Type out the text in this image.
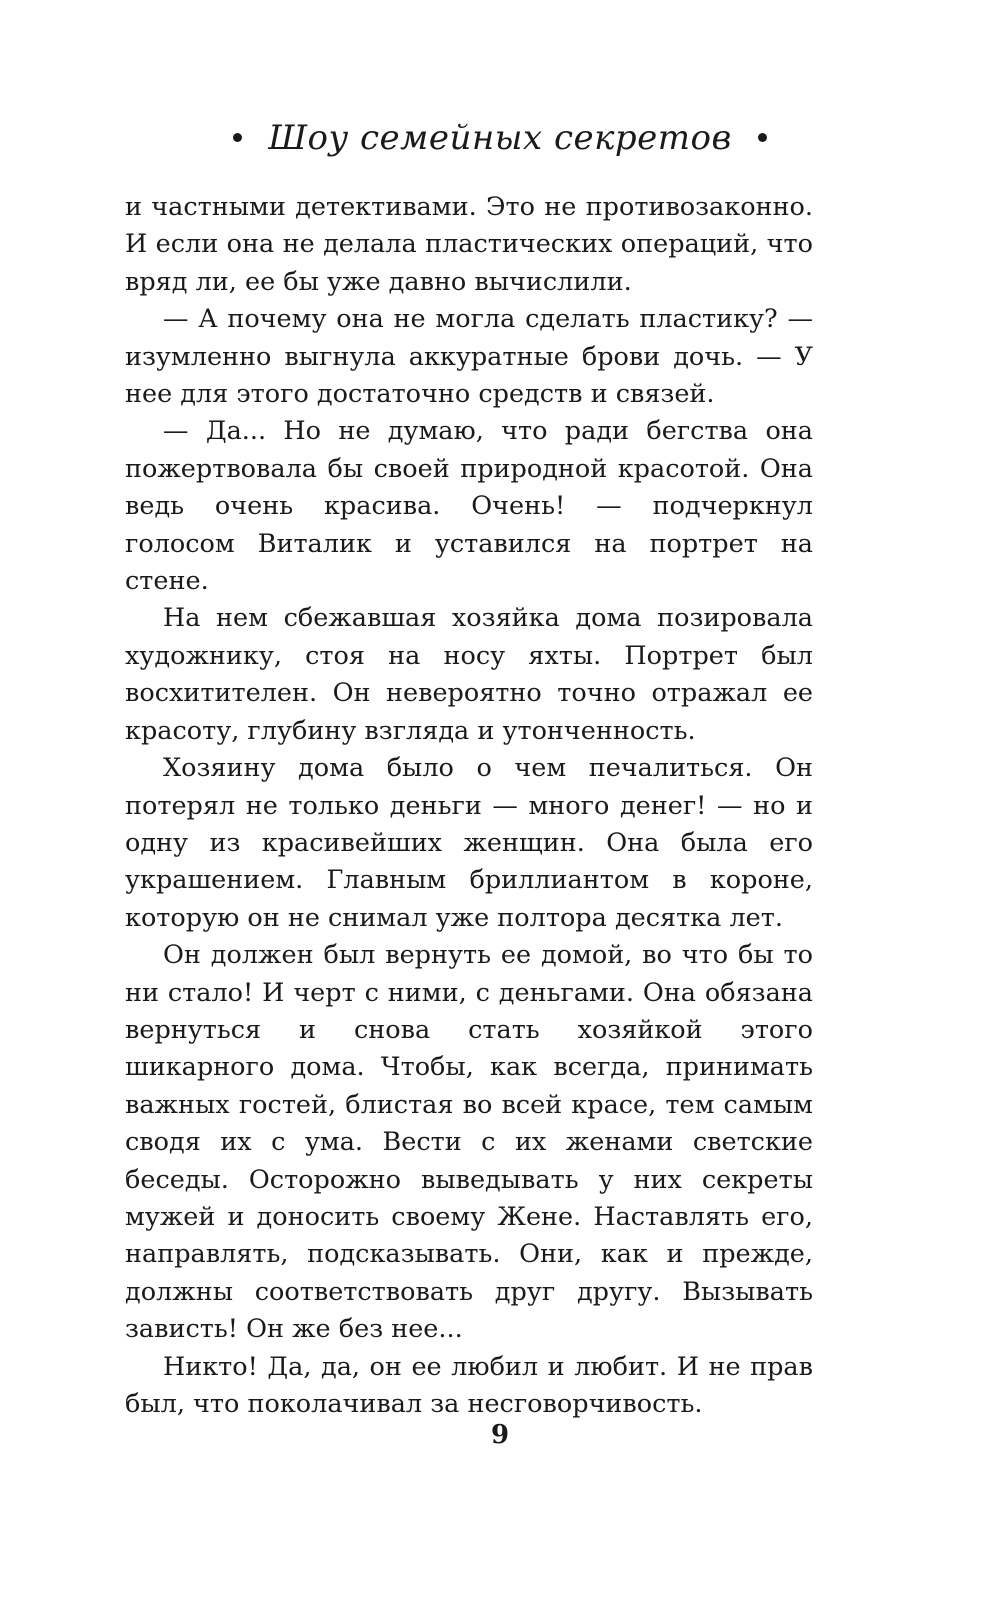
Шоу семейных секретов

и частными детективами. Это не противозаконно. И если она не делала пластических операций, что вряд ли, ее бы уже давно вычислили.

— А почему она не могла сделать пластику? — изумленно выгнула аккуратные брови дочь. — У нее для этого достаточно средств и связей.

— Да... Но не думаю, что ради бегства она пожертвовала бы своей природной красотой. Она ведь очень красива. Очень! — подчеркнул голосом Виталик и уставился на портрет на стене.

На нем сбежавшая хозяйка дома позировала художнику, стоя на носу яхты. Портрет был восхитителен. Он невероятно точно отражал ее красоту, глубину взгляда и утонченность.

Хозяину дома было о чем печалиться. Он потерял не только деньги — много денег! — но и одну из красивейших женщин. Она была его украшением. Главным бриллиантом в короне, которую он не снимал уже полтора десятка лет.

Он должен был вернуть ее домой, во что бы то ни стало! И черт с ними, с деньгами. Она обязана вернуться и снова стать хозяйкой этого шикарного дома. Чтобы, как всегда, принимать важных гостей, блистая во всей красе, тем самым сводя их с ума. Вести с их женами светские беседы. Осторожно выведывать у них секреты мужей и доносить своему Жене. Наставлять его, направлять, подсказывать. Они, как и прежде, должны соответствовать друг другу. Вызывать зависть! Он же без нее...

Никто! Да, да, он ее любил и любит. И не прав был, что поколачивал за несговорчивость.

9
